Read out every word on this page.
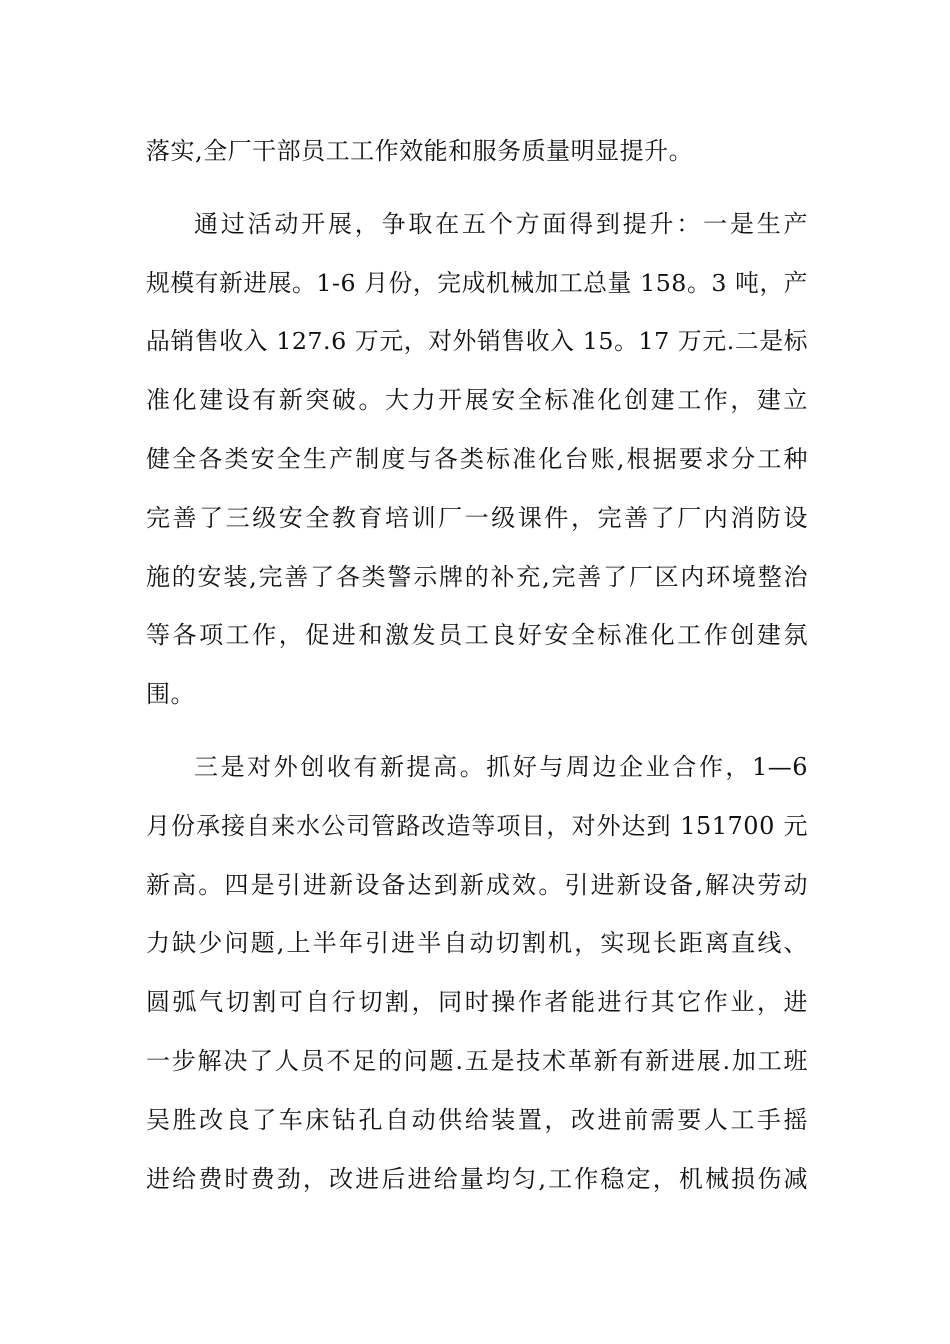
落实,全厂干部员工工作效能和服务质量明显提升。
通过活动开展，争取在五个方面得到提升：一是生产
规模有新进展。1-6 月份，完成机械加工总量 158。3 吨，产
品销售收入 127.6 万元，对外销售收入 15。17 万元.二是标
准化建设有新突破。大力开展安全标准化创建工作，建立
健全各类安全生产制度与各类标准化台账,根据要求分工种
完善了三级安全教育培训厂一级课件，完善了厂内消防设
施的安装,完善了各类警示牌的补充,完善了厂区内环境整治
等各项工作，促进和激发员工良好安全标准化工作创建氛
围。
三是对外创收有新提高。抓好与周边企业合作，1—6
月份承接自来水公司管路改造等项目，对外达到 151700 元
新高。四是引进新设备达到新成效。引进新设备,解决劳动
力缺少问题,上半年引进半自动切割机，实现长距离直线、
圆弧气切割可自行切割，同时操作者能进行其它作业，进
一步解决了人员不足的问题.五是技术革新有新进展.加工班
吴胜改良了车床钻孔自动供给装置，改进前需要人工手摇
进给费时费劲，改进后进给量均匀,工作稳定，机械损伤减
